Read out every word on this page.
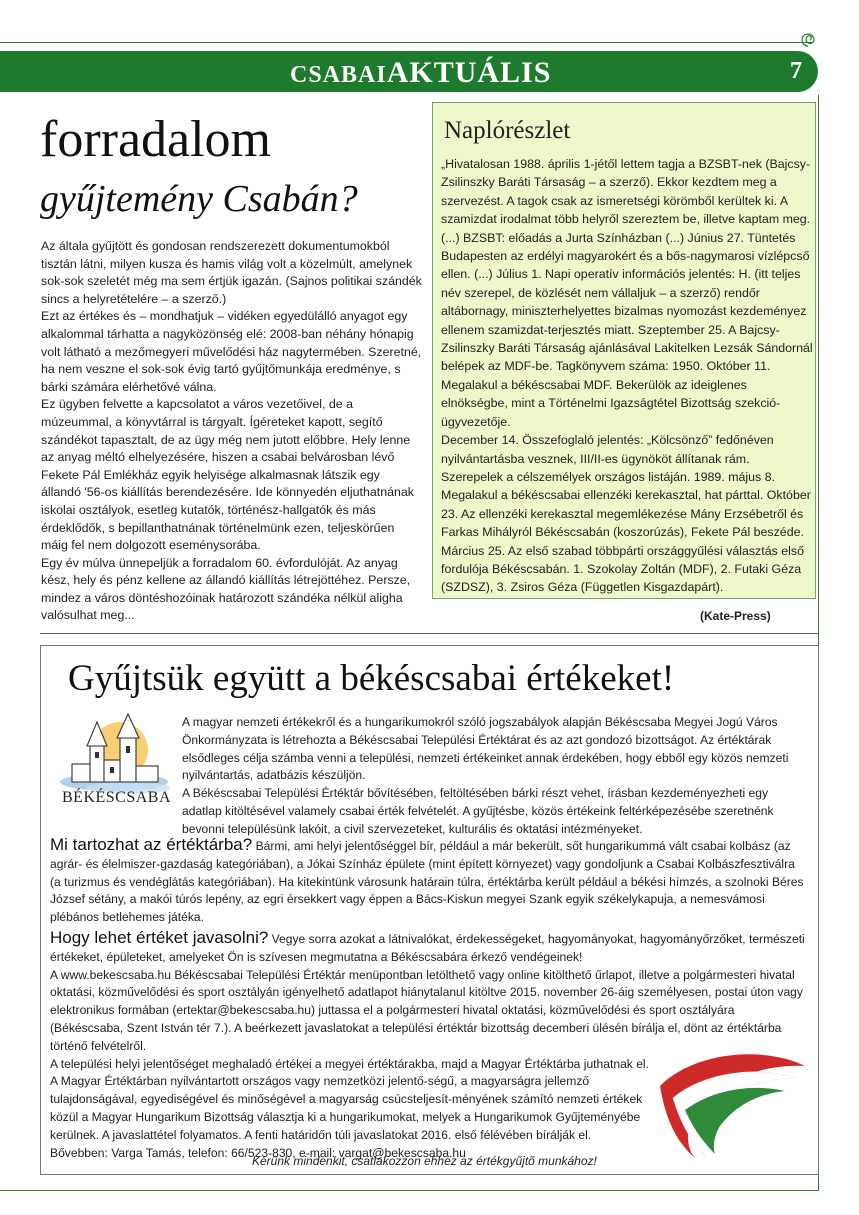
CSABAIAKTUÁLIS	7
forradalom
gyűjtemény Csabán?

Az általa gyűjtött és gondosan rendszerezett dokumentumokból tisztán látni, milyen kusza és hamis világ volt a közelmúlt, amelynek sok-sok szeletét még ma sem értjük igazán. (Sajnos politikai szándék sincs a helyretételére – a szerző.)

Ezt az értékes és – mondhatjuk – vidéken egyedülálló anyagot egy alkalommal tárhatta a nagyközönség elé: 2008-ban néhány hónapig volt látható a mezőmegyeri művelődési ház nagytermében. Szeretné, ha nem veszne el sok-sok évig tartó gyűjtőmunkája eredménye, s bárki számára elérhetővé válna.

Ez ügyben felvette a kapcsolatot a város vezetőivel, de a múzeummal, a könyvtárral is tárgyalt. Ígéreteket kapott, segítő szándékot tapasztalt, de az ügy még nem jutott előbbre. Hely lenne az anyag méltó elhelyezésére, hiszen a csabai belvárosban lévő Fekete Pál Emlékház egyik helyisége alkalmasnak látszik egy állandó '56-os kiállítás berendezésére. Ide könnyedén eljuthatnának iskolai osztályok, esetleg kutatók, történész-hallgatók és más érdeklődők, s bepillanthatnának történelmünk ezen, teljeskörűen máig fel nem dolgozott eseménysorába.

Egy év múlva ünnepeljük a forradalom 60. évfordulóját. Az anyag kész, hely és pénz kellene az állandó kiállítás létrejöttéhez. Persze, mindez a város döntéshozóinak határozott szándéka nélkül aligha valósulhat meg...

Naplórészlet

„Hivatalosan 1988. április 1-jétől lettem tagja a BZSBT-nek (Bajcsy-Zsilinszky Baráti Társaság – a szerző). Ekkor kezdtem meg a szervezést. A tagok csak az ismeretségi körömből kerültek ki. A szamizdat irodalmat több helyről szereztem be, illetve kaptam meg. (...) BZSBT: előadás a Jurta Színházban (...) Június 27. Tüntetés Budapesten az erdélyi magyarokért és a bős-nagymarosi vízlépcső ellen. (...) Július 1. Napi operatív információs jelentés: H. (itt teljes név szerepel, de közlését nem vállaljuk – a szerző) rendőr altábornagy, miniszterhelyettes bizalmas nyomozást kezdeményez ellenem szamizdat-terjesztés miatt. Szeptember 25. A Bajcsy-Zsilinszky Baráti Társaság ajánlásával Lakitelken Lezsák Sándornál belépek az MDF-be. Tagkönyvem száma: 1950. Október 11. Megalakul a békéscsabai MDF. Bekerülök az ideiglenes elnökségbe, mint a Történelmi Igazságtétel Bizottság szekció-ügyvezetője.

December 14. Összefoglaló jelentés: „Kölcsönző” fedőnéven nyilvántartásba vesznek, III/II-es ügynököt állítanak rám. Szerepelek a célszemélyek országos listáján. 1989. május 8. Megalakul a békéscsabai ellenzéki kerekasztal, hat párttal. Október 23. Az ellenzéki kerekasztal megemlékezése Mány Erzsébetről és Farkas Mihályról Békéscsabán (koszorúzás), Fekete Pál beszéde. Március 25. Az első szabad többpárti országgyűlési választás első fordulója Békéscsabán. 1. Szokolay Zoltán (MDF), 2. Futaki Géza (SZDSZ), 3. Zsiros Géza (Független Kisgazdapárt).

(Kate-Press)
Gyűjtsük együtt a békéscsabai értékeket!
BÉKÉSCSABA

A magyar nemzeti értékekről és a hungarikumokról szóló jogszabályok alapján Békéscsaba Megyei Jogú Város Önkormányzata is létrehozta a Békéscsabai Települési Értéktárat és az azt gondozó bizottságot. Az értéktárak elsődleges célja számba venni a települési, nemzeti értékeinket annak érdekében, hogy ebből egy közös nemzeti nyilvántartás, adatbázis készüljön.

A Békéscsabai Települési Értéktár bővítésében, feltöltésében bárki részt vehet, írásban kezdeményezheti egy adatlap kitöltésével valamely csabai érték felvételét. A gyűjtésbe, közös értékeink feltérképezésébe szeretnénk bevonni településünk lakóit, a civil szervezeteket, kulturális és oktatási intézményeket.

Mi tartozhat az értéktárba? Bármi, ami helyi jelentőséggel bír, például a már bekerült, sőt hungarikummá vált csabai kolbász (az agrár- és élelmiszer-gazdaság kategóriában), a Jókai Színház épülete (mint épített környezet) vagy gondoljunk a Csabai Kolbászfesztiválra (a turizmus és vendéglátás kategóriában). Ha kitekintünk városunk határain túlra, értéktárba került például a békési hímzés, a szolnoki Béres József sétány, a makói túrós lepény, az egri érsekkert vagy éppen a Bács-Kiskun megyei Szank egyik székelykapuja, a nemesvámosi plébános betlehemes játéka.

Hogy lehet értéket javasolni? Vegye sorra azokat a látnivalókat, érdekességeket, hagyományokat, hagyományőrzőket, természeti értékeket, épületeket, amelyeket Ön is szívesen megmutatna a Békéscsabára érkező vendégeinek!

A www.bekescsaba.hu Békéscsabai Települési Értéktár menüpontban letölthető vagy online kitölthető űrlapot, illetve a polgármesteri hivatal oktatási, közművelődési és sport osztályán igényelhető adatlapot hiánytalanul kitöltve 2015. november 26-áig személyesen, postai úton vagy elektronikus formában (ertektar@bekescsaba.hu) juttassa el a polgármesteri hivatal oktatási, közművelődési és sport osztályára (Békéscsaba, Szent István tér 7.). A beérkezett javaslatokat a települési értéktár bizottság decemberi ülésén bírálja el, dönt az értéktárba történő felvételről.

A települési helyi jelentőséget meghaladó értékei a megyei értéktárakba, majd a Magyar Értéktárba juthatnak el. A Magyar Értéktárban nyilvántartott országos vagy nemzetközi jelentő-ségű, a magyarságra jellemző tulajdonságával, egyediségével és minőségével a magyarság csúcsteljesít-ményének számító nemzeti értékek közül a Magyar Hungarikum Bizottság választja ki a hungarikumokat, melyek a Hungarikumok Gyűjteményébe kerülnek. A javaslattétel folyamatos. A fenti határidőn túli javaslatokat 2016. első félévében bírálják el.

Bővebben: Varga Tamás, telefon: 66/523-830, e-mail: vargat@bekescsaba.hu

Kérünk mindenkit, csatlakozzon ehhez az értékgyűjtő munkához!
